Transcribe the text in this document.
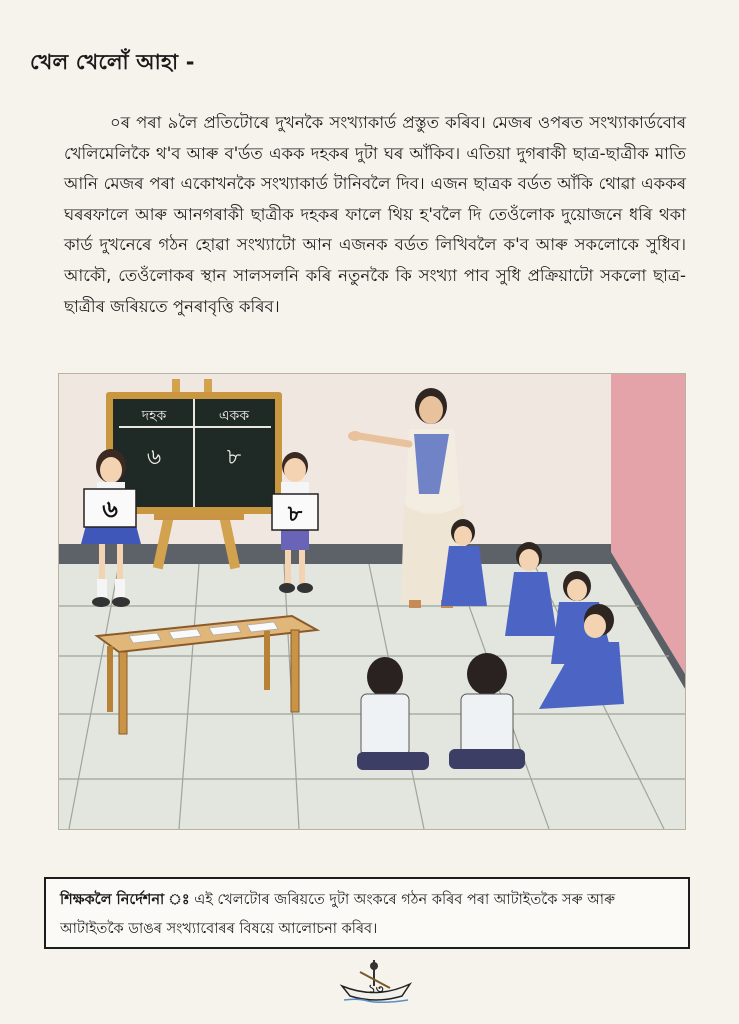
খেল খেলোঁ আহা -
০ৰ পৰা ৯লৈ প্ৰতিটোৰে দুখনকৈ সংখ্যাকাৰ্ড প্ৰস্তুত কৰিব। মেজৰ ওপৰত সংখ্যাকাৰ্ডবোৰ খেলিমেলিকৈ থ'ব আৰু ব'ৰ্ডত একক দহকৰ দুটা ঘৰ আঁকিব। এতিয়া দুগৰাকী ছাত্ৰ-ছাত্ৰীক মাতি আনি মেজৰ পৰা একোখনকৈ সংখ্যাকাৰ্ড টানিবলৈ দিব। এজন ছাত্ৰক বৰ্ডত আঁকি থোৱা এককৰ ঘৰৰফালে আৰু আনগৰাকী ছাত্ৰীক দহকৰ ফালে থিয় হ'বলৈ দি তেওঁলোক দুয়োজনে ধৰি থকা কাৰ্ড দুখনেৰে গঠন হোৱা সংখ্যাটো আন এজনক বৰ্ডত লিখিবলৈ ক'ব আৰু সকলোকে সুধিব। আকৌ, তেওঁলোকৰ স্থান সালসলনি কৰি নতুনকৈ কি সংখ্যা পাব সুধি প্ৰক্ৰিয়াটো সকলো ছাত্ৰ-ছাত্ৰীৰ জৰিয়তে পুনৰাবৃত্তি কৰিব।
দহক	একক
৬	৮
৬	৮
শিক্ষকলৈ নিৰ্দেশনা ঃ এই খেলটোৰ জৰিয়তে দুটা অংকৰে গঠন কৰিব পৰা আটাইতকৈ সৰু আৰু আটাইতকৈ ডাঙৰ সংখ্যাবোৰৰ বিষয়ে আলোচনা কৰিব।
১৩
